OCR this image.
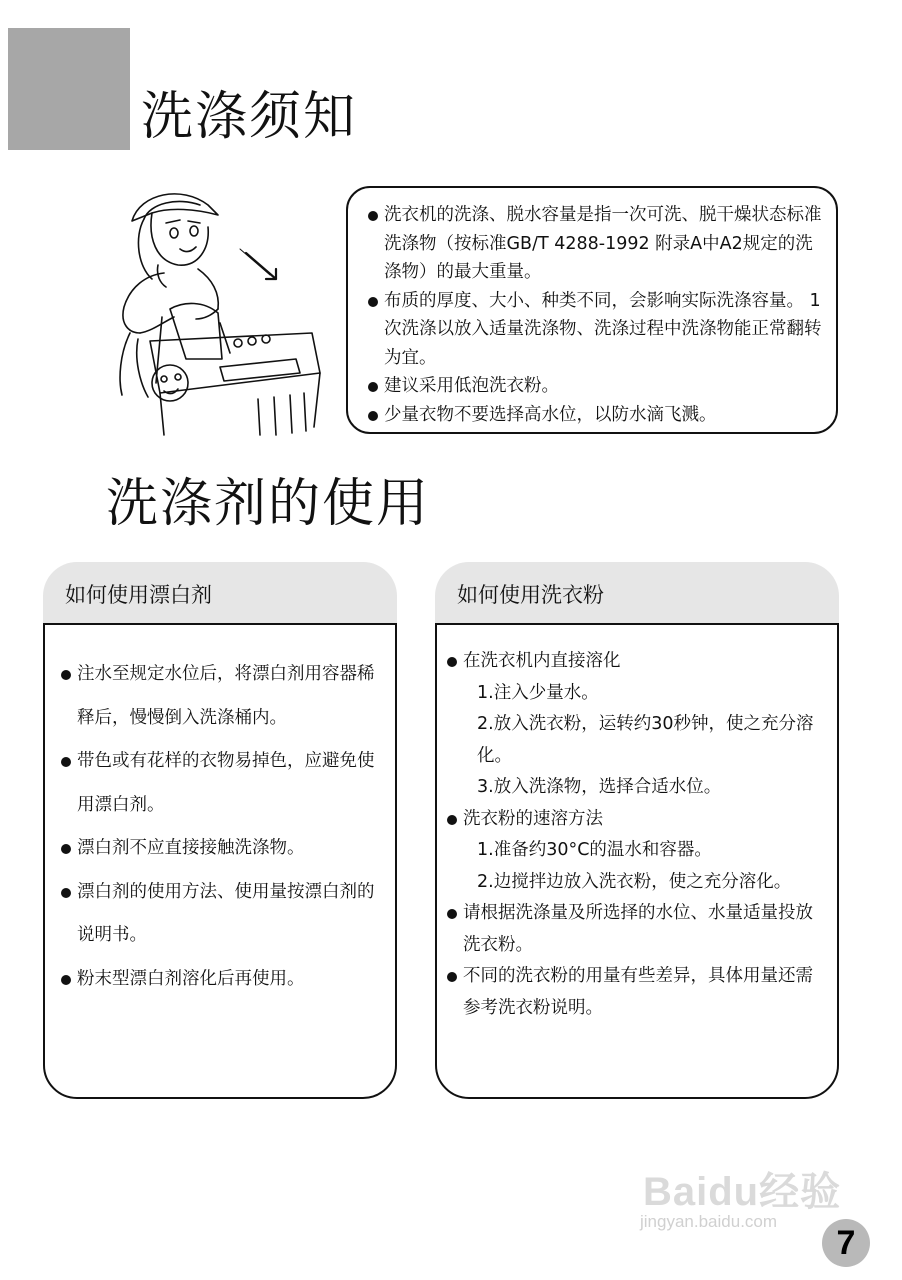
洗涤须知
洗衣机的洗涤、脱水容量是指一次可洗、脱干燥状态标准洗涤物（按标准GB/T 4288-1992 附录A中A2规定的洗涤物）的最大重量。
布质的厚度、大小、种类不同，会影响实际洗涤容量。 1次洗涤以放入适量洗涤物、洗涤过程中洗涤物能正常翻转为宜。
建议采用低泡洗衣粉。
少量衣物不要选择高水位，以防水滴飞溅。
洗涤剂的使用
如何使用漂白剂
注水至规定水位后，将漂白剂用容器稀释后，慢慢倒入洗涤桶内。
带色或有花样的衣物易掉色，应避免使用漂白剂。
漂白剂不应直接接触洗涤物。
漂白剂的使用方法、使用量按漂白剂的说明书。
粉末型漂白剂溶化后再使用。
如何使用洗衣粉
在洗衣机内直接溶化
1.注入少量水。
2.放入洗衣粉，运转约30秒钟，使之充分溶化。
3.放入洗涤物，选择合适水位。
洗衣粉的速溶方法
1.准备约30°C的温水和容器。
2.边搅拌边放入洗衣粉，使之充分溶化。
请根据洗涤量及所选择的水位、水量适量投放洗衣粉。
不同的洗衣粉的用量有些差异，具体用量还需参考洗衣粉说明。
Baidu经验
jingyan.baidu.com
7
